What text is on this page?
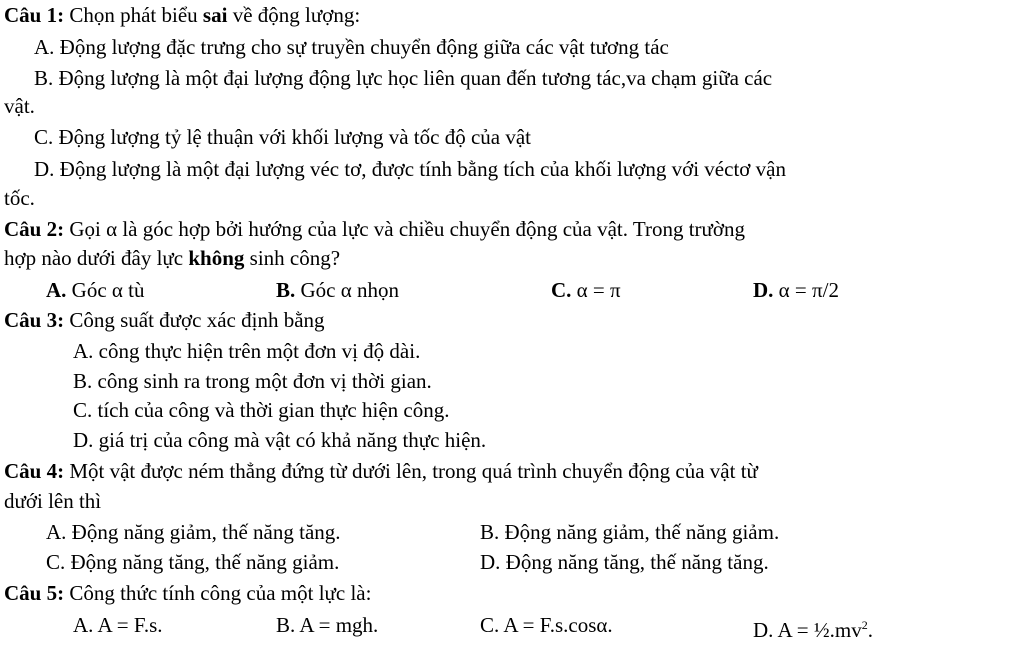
Câu 1: Chọn phát biểu sai về động lượng:
A. Động lượng đặc trưng cho sự truyền chuyển động giữa các vật tương tác
B. Động lượng là một đại lượng động lực học liên quan đến tương tác,va chạm giữa các
vật.
C. Động lượng tỷ lệ thuận với khối lượng và tốc độ của vật
D. Động lượng là một đại lượng véc tơ, được tính bằng tích của khối lượng với véctơ vận
tốc.
Câu 2: Gọi α là góc hợp bởi hướng của lực và chiều chuyển động của vật. Trong trường
hợp nào dưới đây lực không sinh công?
A. Góc α tù	B. Góc α nhọn	C. α = π	D. α = π/2
Câu 3: Công suất được xác định bằng
A. công thực hiện trên một đơn vị độ dài.
B. công sinh ra trong một đơn vị thời gian.
C. tích của công và thời gian thực hiện công.
D. giá trị của công mà vật có khả năng thực hiện.
Câu 4: Một vật được ném thẳng đứng từ dưới lên, trong quá trình chuyển động của vật từ
dưới lên thì
A. Động năng giảm, thế năng tăng.	B. Động năng giảm, thế năng giảm.
C. Động năng tăng, thế năng giảm.	D. Động năng tăng, thế năng tăng.
Câu 5: Công thức tính công của một lực là:
A. A = F.s.	B. A = mgh.	C. A = F.s.cosα.	D. $A = \frac{1}{2}.mv^2$.
